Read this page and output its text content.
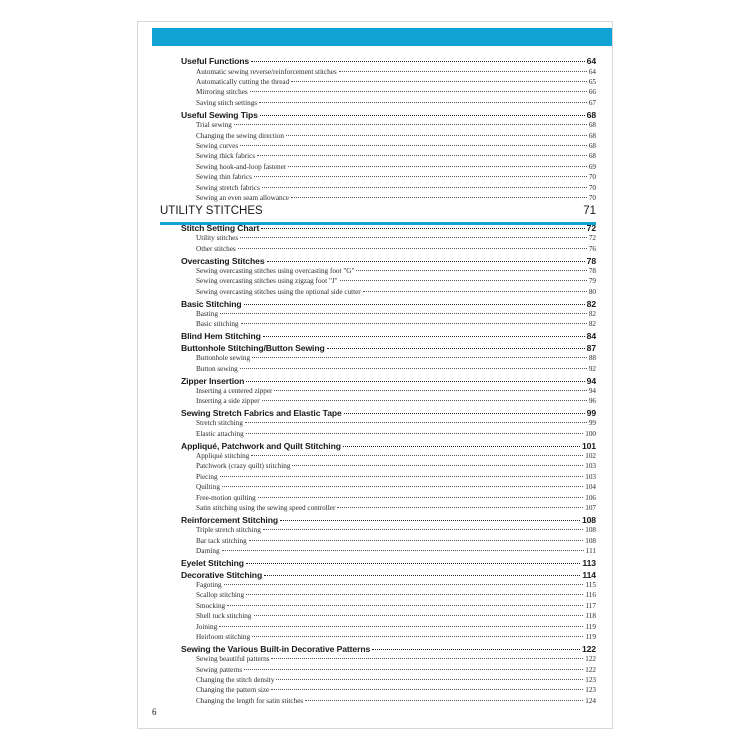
Useful Functions	64
Automatic sewing reverse/reinforcement stitches	64
Automatically cutting the thread	65
Mirroring stitches	66
Saving stitch settings	67
Useful Sewing Tips	68
Trial sewing	68
Changing the sewing direction	68
Sewing curves	68
Sewing thick fabrics	68
Sewing hook-and-loop fastener	69
Sewing thin fabrics	70
Sewing stretch fabrics	70
Sewing an even seam allowance	70
UTILITY STITCHES	71
Stitch Setting Chart	72
Utility stitches	72
Other stitches	76
Overcasting Stitches	78
Sewing overcasting stitches using overcasting foot "G"	78
Sewing overcasting stitches using zigzag foot "J"	79
Sewing overcasting stitches using the optional side cutter	80
Basic Stitching	82
Basting	82
Basic stitching	82
Blind Hem Stitching	84
Buttonhole Stitching/Button Sewing	87
Buttonhole sewing	88
Button sewing	92
Zipper Insertion	94
Inserting a centered zipper	94
Inserting a side zipper	96
Sewing Stretch Fabrics and Elastic Tape	99
Stretch stitching	99
Elastic attaching	100
Appliqué, Patchwork and Quilt Stitching	101
Appliqué stitching	102
Patchwork (crazy quilt) stitching	103
Piecing	103
Quilting	104
Free-motion quilting	106
Satin stitching using the sewing speed controller	107
Reinforcement Stitching	108
Triple stretch stitching	108
Bar tack stitching	108
Darning	111
Eyelet Stitching	113
Decorative Stitching	114
Fagoting	115
Scallop stitching	116
Smocking	117
Shell tuck stitching	118
Joining	119
Heirloom stitching	119
Sewing the Various Built-in Decorative Patterns	122
Sewing beautiful patterns	122
Sewing patterns	122
Changing the stitch density	123
Changing the pattern size	123
Changing the length for satin stitches	124
6
